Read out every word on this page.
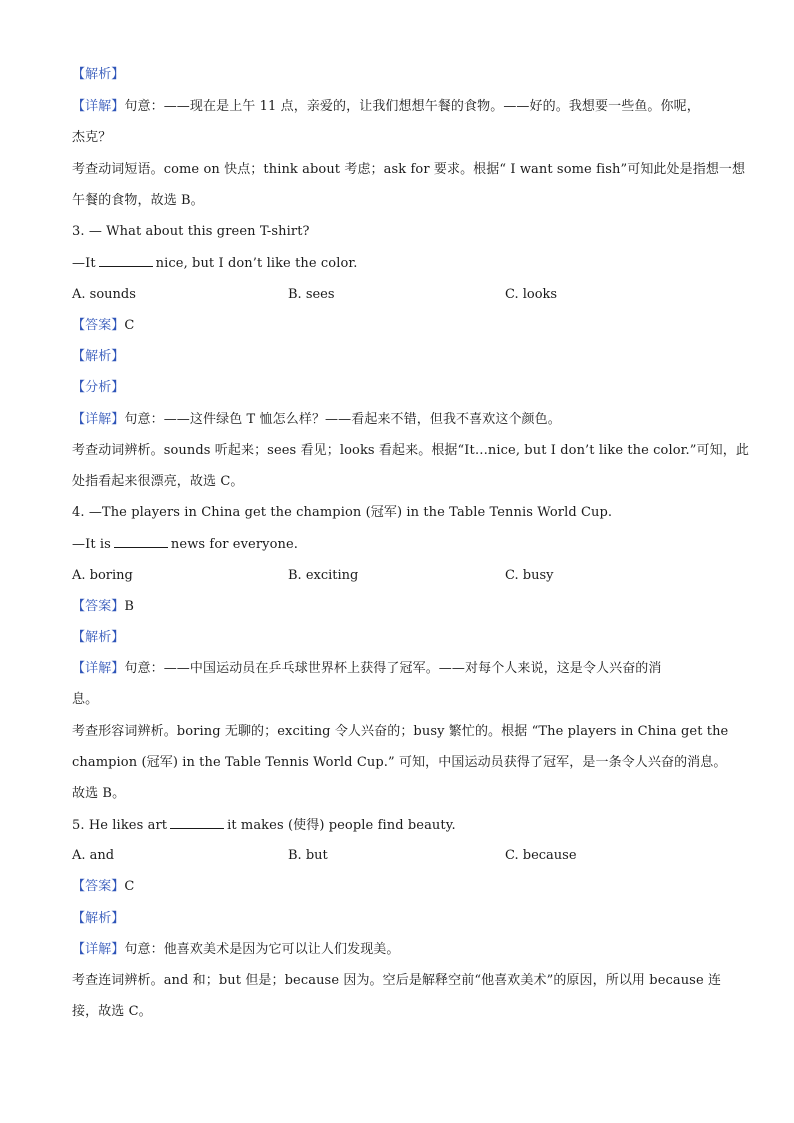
【解析】
【详解】句意：——现在是上午 11 点，亲爱的，让我们想想午餐的食物。——好的。我想要一些鱼。你呢，
杰克？
考查动词短语。come on 快点；think about 考虑；ask for 要求。根据“ I want some fish”可知此处是指想一想
午餐的食物，故选 B。
3. — What about this green T-shirt?
—It	nice, but I don’t like the color.
A. sounds	B. sees	C. looks
【答案】C
【解析】
【分析】
【详解】句意：——这件绿色 T 恤怎么样？——看起来不错，但我不喜欢这个颜色。
考查动词辨析。sounds 听起来；sees 看见；looks 看起来。根据“It…nice, but I don’t like the color.”可知，此
处指看起来很漂亮，故选 C。
4. —The players in China get the champion (冠军) in the Table Tennis World Cup.
—It is	news for everyone.
A. boring	B. exciting	C. busy
【答案】B
【解析】
【详解】句意：——中国运动员在乒乓球世界杯上获得了冠军。——对每个人来说，这是令人兴奋的消
息。
考查形容词辨析。boring 无聊的；exciting 令人兴奋的；busy 繁忙的。根据 “The players in China get the
champion (冠军) in the Table Tennis World Cup.” 可知，中国运动员获得了冠军，是一条令人兴奋的消息。
故选 B。
5. He likes art	it makes (使得) people find beauty.
A. and	B. but	C. because
【答案】C
【解析】
【详解】句意：他喜欢美术是因为它可以让人们发现美。
考查连词辨析。and 和；but 但是；because 因为。空后是解释空前“他喜欢美术”的原因，所以用 because 连
接，故选 C。
